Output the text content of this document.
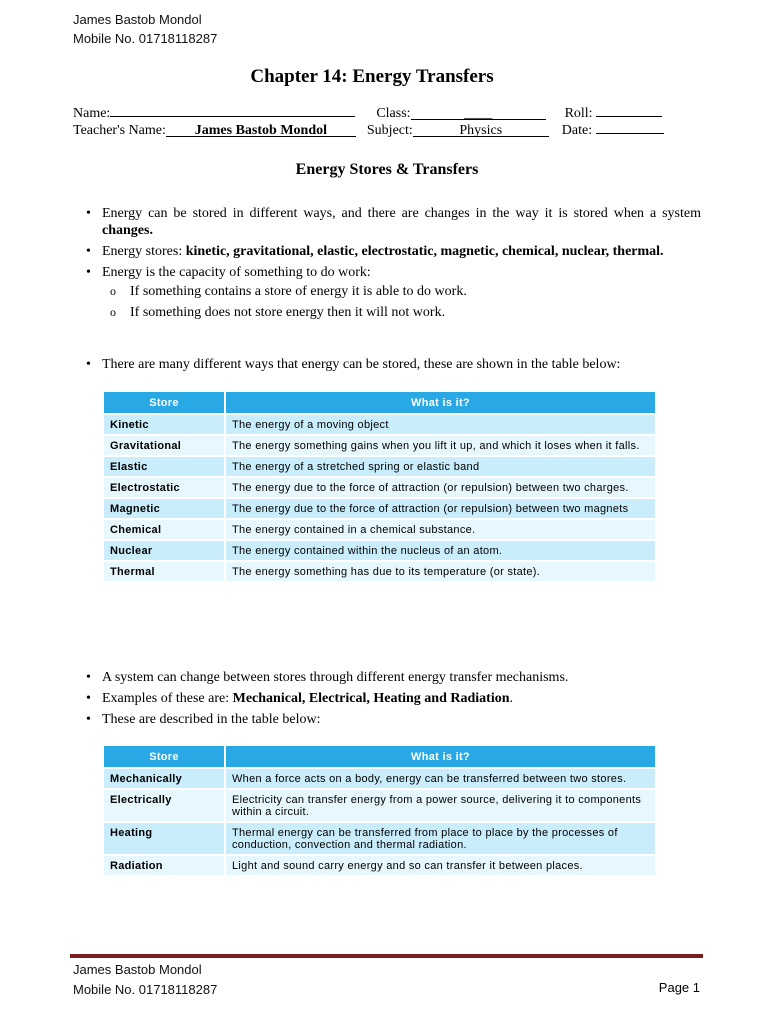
James Bastob Mondol
Mobile No. 01718118287
Chapter 14: Energy Transfers
Name:	Class:	____	Roll:
Teacher's Name: James Bastob Mondol	Subject:	Physics	Date:
Energy Stores & Transfers
• Energy can be stored in different ways, and there are changes in the way it is stored when a system changes.
• Energy stores: kinetic, gravitational, elastic, electrostatic, magnetic, chemical, nuclear, thermal.
• Energy is the capacity of something to do work:
o If something contains a store of energy it is able to do work.
o If something does not store energy then it will not work.
• There are many different ways that energy can be stored, these are shown in the table below:
Store	What is it?
Kinetic	The energy of a moving object
Gravitational	The energy something gains when you lift it up, and which it loses when it falls.
Elastic	The energy of a stretched spring or elastic band
Electrostatic	The energy due to the force of attraction (or repulsion) between two charges.
Magnetic	The energy due to the force of attraction (or repulsion) between two magnets
Chemical	The energy contained in a chemical substance.
Nuclear	The energy contained within the nucleus of an atom.
Thermal	The energy something has due to its temperature (or state).
• A system can change between stores through different energy transfer mechanisms.
• Examples of these are: Mechanical, Electrical, Heating and Radiation.
• These are described in the table below:
Store	What is it?
Mechanically	When a force acts on a body, energy can be transferred between two stores.
Electrically	Electricity can transfer energy from a power source, delivering it to components within a circuit.
Heating	Thermal energy can be transferred from place to place by the processes of conduction, convection and thermal radiation.
Radiation	Light and sound carry energy and so can transfer it between places.
James Bastob Mondol
Mobile No. 01718118287	Page 1
